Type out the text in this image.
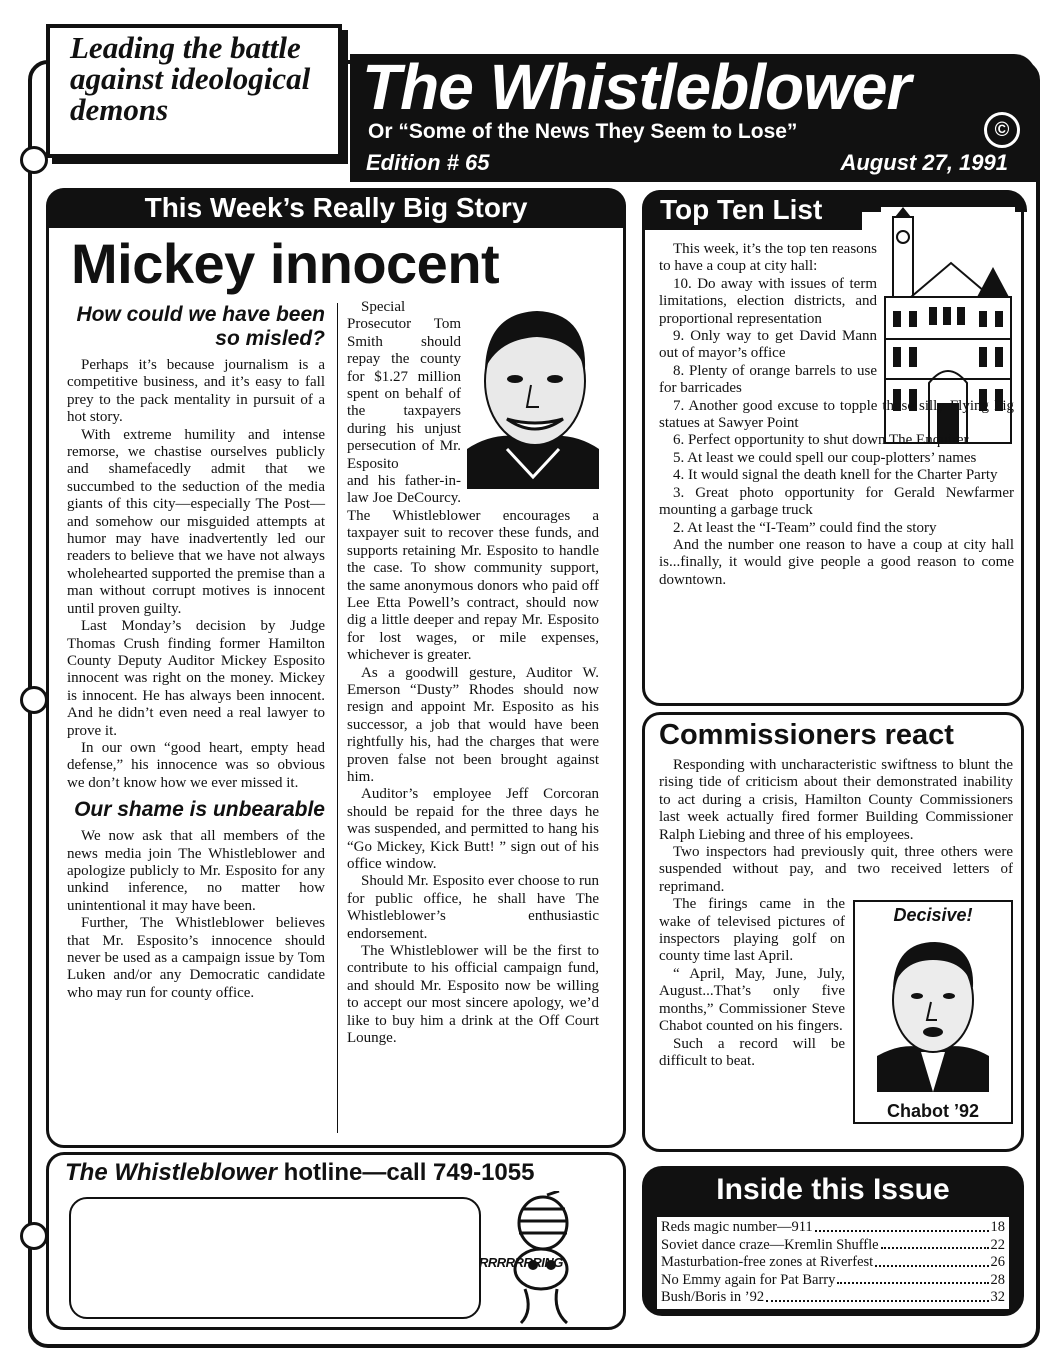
The Whistleblower
Or “Some of the News They Seem to Lose”	©
Edition # 65	August 27, 1991
Leading the battle against ideological demons
This Week’s Really Big Story
Mickey innocent
How could we have been so misled?

Perhaps it’s because journalism is a competitive business, and it’s easy to fall prey to the pack mentality in pursuit of a hot story.

With extreme humility and intense remorse, we chastise ourselves publicly and shamefacedly admit that we succumbed to the seduction of the media giants of this city—especially The Post—and somehow our misguided attempts at humor may have inadvertently led our readers to believe that we have not always wholehearted supported the premise than a man without corrupt motives is innocent until proven guilty.

Last Monday’s decision by Judge Thomas Crush finding former Hamilton County Deputy Auditor Mickey Esposito innocent was right on the money. Mickey is innocent. He has always been innocent. And he didn’t even need a real lawyer to prove it.

In our own “good heart, empty head defense,” his innocence was so obvious we don’t know how we ever missed it.

Our shame is unbearable

We now ask that all members of the news media join The Whistleblower and apologize publicly to Mr. Esposito for any unkind inference, no matter how unintentional it may have been.

Further, The Whistleblower believes that Mr. Esposito’s innocence should never be used as a campaign issue by Tom Luken and/or any Democratic candidate who may run for county office.

Special Prosecutor Tom Smith should repay the county for $1.27 million spent on behalf of the taxpayers during his unjust persecution of Mr. Esposito

and his father-in-law Joe DeCourcy. The Whistleblower encourages a taxpayer suit to recover these funds, and supports retaining Mr. Esposito to handle the case. To show community support, the same anonymous donors who paid off Lee Etta Powell’s contract, should now dig a little deeper and repay Mr. Esposito for lost wages, or mile expenses, whichever is greater.

As a goodwill gesture, Auditor W. Emerson “Dusty” Rhodes should now resign and appoint Mr. Esposito as his successor, a job that would have been rightfully his, had the charges that were proven false not been brought against him.

Auditor’s employee Jeff Corcoran should be repaid for the three days he was suspended, and permitted to hang his “Go Mickey, Kick Butt! ” sign out of his office window.

Should Mr. Esposito ever choose to run for public office, he shall have The Whistleblower’s enthusiastic endorsement.

The Whistleblower will be the first to contribute to his official campaign fund, and should Mr. Esposito now be willing to accept our most sincere apology, we’d like to buy him a drink at the Off Court Lounge.

Top Ten List

This week, it’s the top ten reasons to have a coup at city hall:

10. Do away with issues of term limitations, election districts, and proportional representation

9. Only way to get David Mann out of mayor’s office

8. Plenty of orange barrels to use for barricades

7. Another good excuse to topple those silly Flying Pig statues at Sawyer Point

6. Perfect opportunity to shut down The Enquirer

5. At least we could spell our coup-plotters’ names

4. It would signal the death knell for the Charter Party

3. Great photo opportunity for Gerald Newfarmer mounting a garbage truck

2. At least the “I-Team” could find the story

And the number one reason to have a coup at city hall is...finally, it would give people a good reason to come downtown.

Commissioners react

Responding with uncharacteristic swiftness to blunt the rising tide of criticism about their demonstrated inability to act during a crisis, Hamilton County Commissioners last week actually fired former Building Commissioner Ralph Liebing and three of his employees.

Two inspectors had previously quit, three others were suspended without pay, and two received letters of reprimand.

Decisive!
Chabot ’92

The firings came in the wake of televised pictures of inspectors playing golf on county time last April.

“ April, May, June, July, August...That’s only five months,” Commissioner Steve Chabot counted on his fingers.

Such a record will be difficult to beat.

The Whistleblower hotline—call 749-1055
RRRRRRRING
Inside this Issue
Reds magic number—911	18
Soviet dance craze—Kremlin Shuffle	22
Masturbation-free zones at Riverfest	26
No Emmy again for Pat Barry	28
Bush/Boris in ’92	32
